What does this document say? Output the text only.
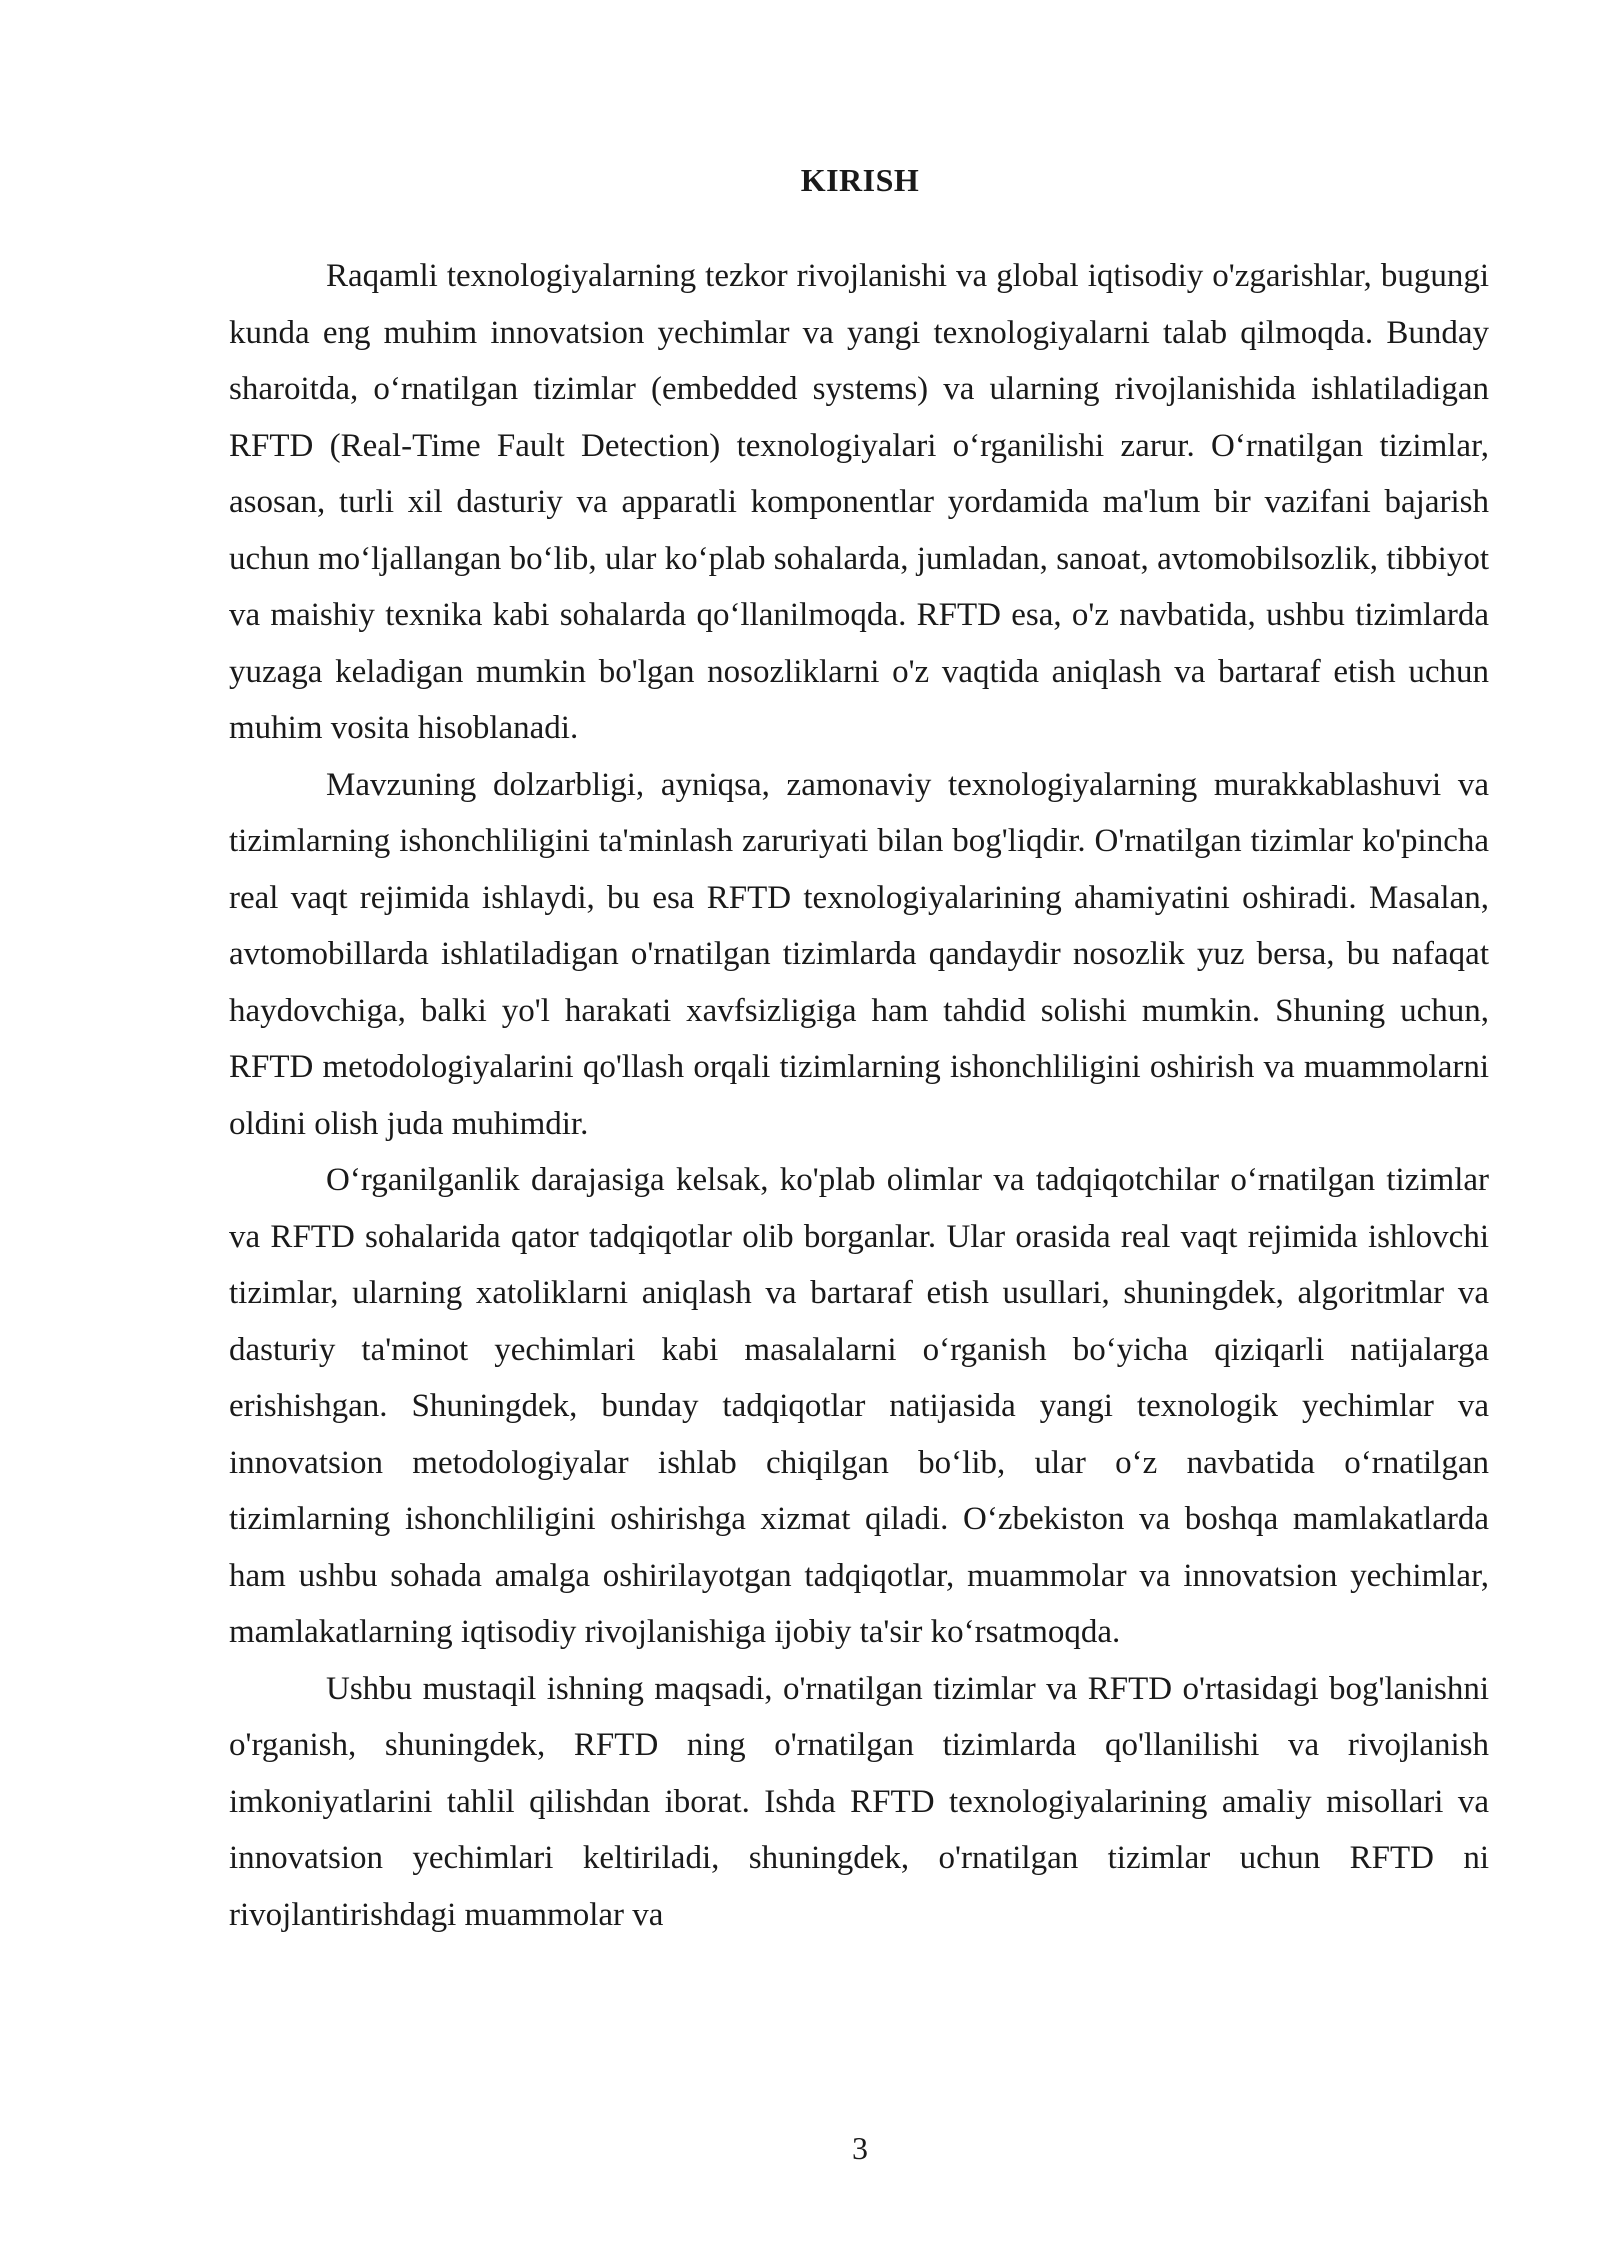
KIRISH

Raqamli texnologiyalarning tezkor rivojlanishi va global iqtisodiy o'zgarishlar, bugungi kunda eng muhim innovatsion yechimlar va yangi texnologiyalarni talab qilmoqda. Bunday sharoitda, oʻrnatilgan tizimlar (embedded systems) va ularning rivojlanishida ishlatiladigan RFTD (Real-Time Fault Detection) texnologiyalari oʻrganilishi zarur. Oʻrnatilgan tizimlar, asosan, turli xil dasturiy va apparatli komponentlar yordamida ma'lum bir vazifani bajarish uchun moʻljallangan boʻlib, ular koʻplab sohalarda, jumladan, sanoat, avtomobilsozlik, tibbiyot va maishiy texnika kabi sohalarda qoʻllanilmoqda. RFTD esa, o'z navbatida, ushbu tizimlarda yuzaga keladigan mumkin bo'lgan nosozliklarni o'z vaqtida aniqlash va bartaraf etish uchun muhim vosita hisoblanadi.

Mavzuning dolzarbligi, ayniqsa, zamonaviy texnologiyalarning murakkablashuvi va tizimlarning ishonchliligini ta'minlash zaruriyati bilan bog'liqdir. O'rnatilgan tizimlar ko'pincha real vaqt rejimida ishlaydi, bu esa RFTD texnologiyalarining ahamiyatini oshiradi. Masalan, avtomobillarda ishlatiladigan o'rnatilgan tizimlarda qandaydir nosozlik yuz bersa, bu nafaqat haydovchiga, balki yo'l harakati xavfsizligiga ham tahdid solishi mumkin. Shuning uchun, RFTD metodologiyalarini qo'llash orqali tizimlarning ishonchliligini oshirish va muammolarni oldini olish juda muhimdir.

Oʻrganilganlik darajasiga kelsak, ko'plab olimlar va tadqiqotchilar oʻrnatilgan tizimlar va RFTD sohalarida qator tadqiqotlar olib borganlar. Ular orasida real vaqt rejimida ishlovchi tizimlar, ularning xatoliklarni aniqlash va bartaraf etish usullari, shuningdek, algoritmlar va dasturiy ta'minot yechimlari kabi masalalarni oʻrganish boʻyicha qiziqarli natijalarga erishishgan. Shuningdek, bunday tadqiqotlar natijasida yangi texnologik yechimlar va innovatsion metodologiyalar ishlab chiqilgan boʻlib, ular oʻz navbatida oʻrnatilgan tizimlarning ishonchliligini oshirishga xizmat qiladi. Oʻzbekiston va boshqa mamlakatlarda ham ushbu sohada amalga oshirilayotgan tadqiqotlar, muammolar va innovatsion yechimlar, mamlakatlarning iqtisodiy rivojlanishiga ijobiy ta'sir koʻrsatmoqda.

Ushbu mustaqil ishning maqsadi, o'rnatilgan tizimlar va RFTD o'rtasidagi bog'lanishni o'rganish, shuningdek, RFTD ning o'rnatilgan tizimlarda qo'llanilishi va rivojlanish imkoniyatlarini tahlil qilishdan iborat. Ishda RFTD texnologiyalarining amaliy misollari va innovatsion yechimlari keltiriladi, shuningdek, o'rnatilgan tizimlar uchun RFTD ni rivojlantirishdagi muammolar va

3
